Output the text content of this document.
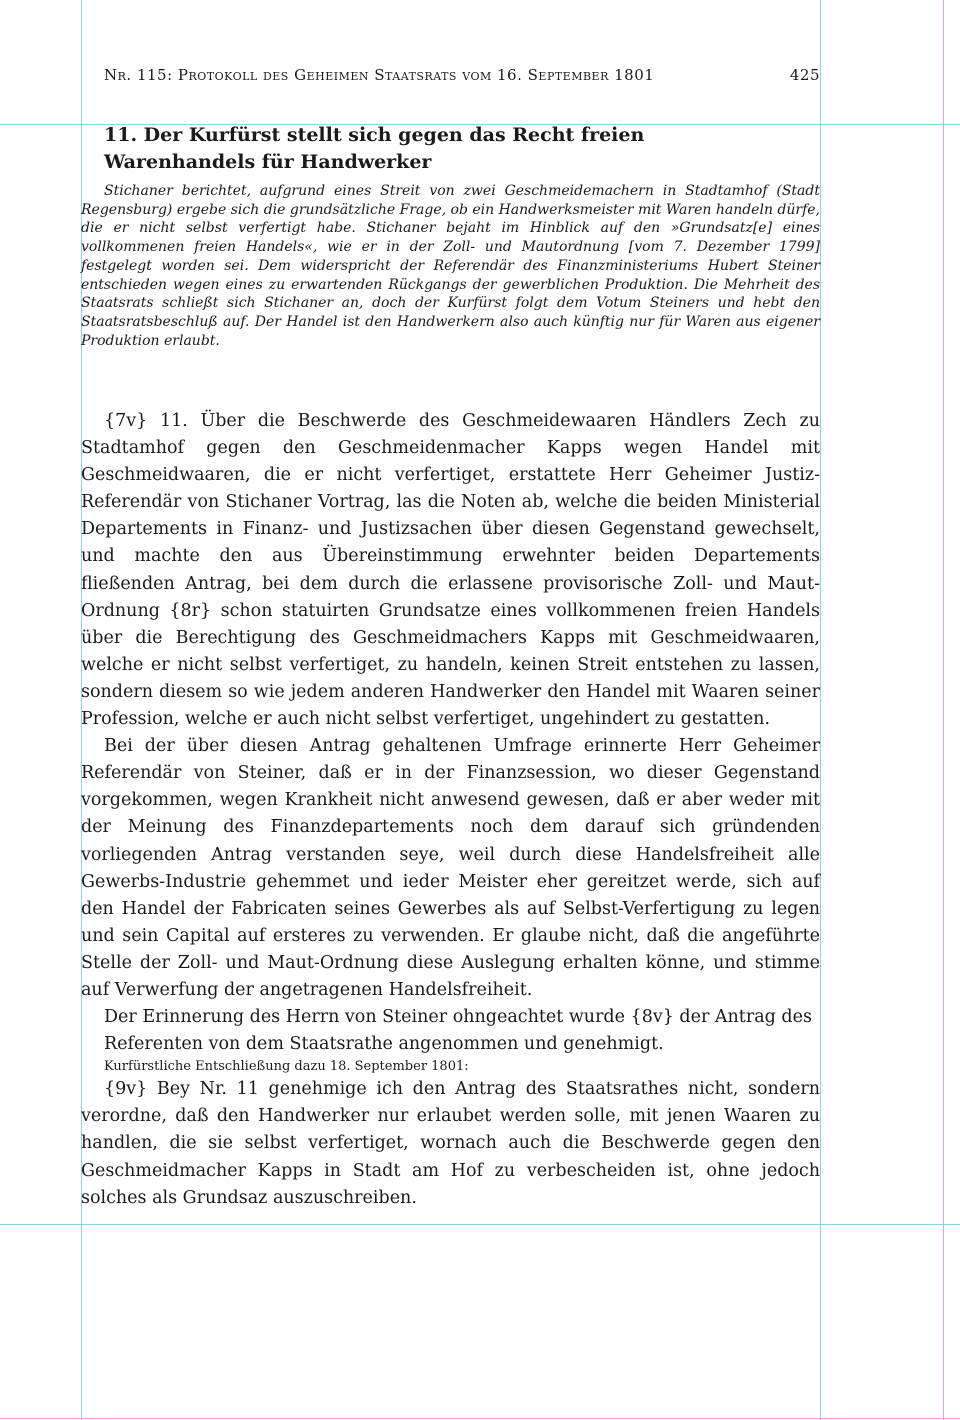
Nr. 115: Protokoll des Geheimen Staatsrats vom 16. September 1801	425
11. Der Kurfürst stellt sich gegen das Recht freien Warenhandels für Handwerker

Stichaner berichtet, aufgrund eines Streit von zwei Geschmeidemachern in Stadtamhof (Stadt Regensburg) ergebe sich die grundsätzliche Frage, ob ein Handwerksmeister mit Waren handeln dürfe, die er nicht selbst verfertigt habe. Stichaner bejaht im Hinblick auf den »Grundsatz[e] eines vollkommenen freien Handels«, wie er in der Zoll- und Mautordnung [vom 7. Dezember 1799] festgelegt worden sei. Dem widerspricht der Referendär des Finanzministeriums Hubert Steiner entschieden wegen eines zu erwartenden Rückgangs der gewerblichen Produktion. Die Mehrheit des Staatsrats schließt sich Stichaner an, doch der Kurfürst folgt dem Votum Steiners und hebt den Staatsratsbeschluß auf. Der Handel ist den Handwerkern also auch künftig nur für Waren aus eigener Produktion erlaubt.

{7v} 11. Über die Beschwerde des Geschmeidewaaren Händlers Zech zu Stadtamhof gegen den Geschmeidenmacher Kapps wegen Handel mit Geschmeidwaaren, die er nicht verfertiget, erstattete Herr Geheimer Justiz-Referendär von Stichaner Vortrag, las die Noten ab, welche die beiden Ministerial Departements in Finanz- und Justizsachen über diesen Gegenstand gewechselt, und machte den aus Übereinstimmung erwehnter beiden Departements fließenden Antrag, bei dem durch die erlassene provisorische Zoll- und Maut-Ordnung {8r} schon statuirten Grundsatze eines vollkommenen freien Handels über die Berechtigung des Geschmeidmachers Kapps mit Geschmeidwaaren, welche er nicht selbst verfertiget, zu handeln, keinen Streit entstehen zu lassen, sondern diesem so wie jedem anderen Handwerker den Handel mit Waaren seiner Profession, welche er auch nicht selbst verfertiget, ungehindert zu gestatten.

Bei der über diesen Antrag gehaltenen Umfrage erinnerte Herr Geheimer Referendär von Steiner, daß er in der Finanzsession, wo dieser Gegenstand vorgekommen, wegen Krankheit nicht anwesend gewesen, daß er aber weder mit der Meinung des Finanzdepartements noch dem darauf sich gründenden vorliegenden Antrag verstanden seye, weil durch diese Handelsfreiheit alle Gewerbs-Industrie gehemmet und ieder Meister eher gereitzet werde, sich auf den Handel der Fabricaten seines Gewerbes als auf Selbst-Verfertigung zu legen und sein Capital auf ersteres zu verwenden. Er glaube nicht, daß die angeführte Stelle der Zoll- und Maut-Ordnung diese Auslegung erhalten könne, und stimme auf Verwerfung der angetragenen Handelsfreiheit.

Der Erinnerung des Herrn von Steiner ohngeachtet wurde {8v} der Antrag des Referenten von dem Staatsrathe angenommen und genehmigt.

Kurfürstliche Entschließung dazu 18. September 1801:

{9v} Bey Nr. 11 genehmige ich den Antrag des Staatsrathes nicht, sondern verordne, daß den Handwerker nur erlaubet werden solle, mit jenen Waaren zu handlen, die sie selbst verfertiget, wornach auch die Beschwerde gegen den Geschmeidmacher Kapps in Stadt am Hof zu verbescheiden ist, ohne jedoch solches als Grundsaz auszuschreiben.
